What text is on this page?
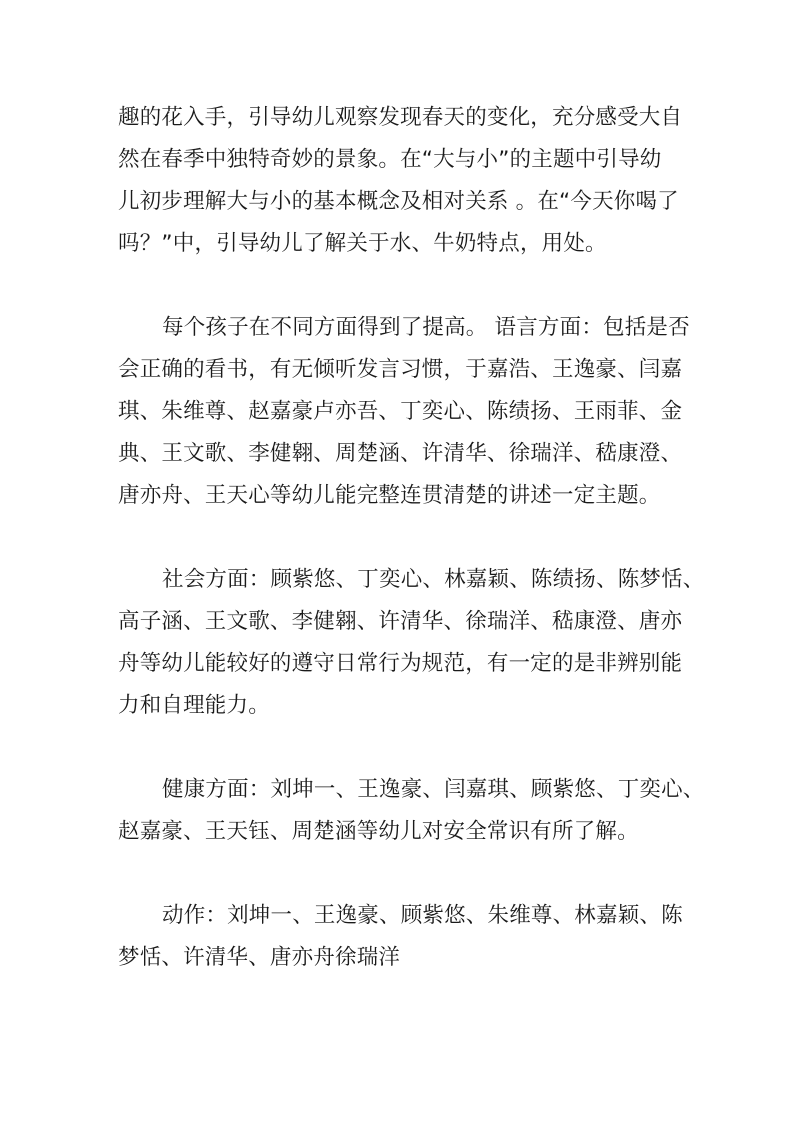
趣的花入手，引导幼儿观察发现春天的变化，充分感受大自
然在春季中独特奇妙的景象。在“大与小”的主题中引导幼
儿初步理解大与小的基本概念及相对关系 。在“今天你喝了
吗？”中，引导幼儿了解关于水、牛奶特点，用处。
每个孩子在不同方面得到了提高。 语言方面：包括是否
会正确的看书，有无倾听发言习惯，于嘉浩、王逸豪、闫嘉
琪、朱维尊、赵嘉豪卢亦吾、丁奕心、陈绩扬、王雨菲、金
典、王文歌、李健翱、周楚涵、许清华、徐瑞洋、嵇康澄、
唐亦舟、王天心等幼儿能完整连贯清楚的讲述一定主题。
社会方面：顾紫悠、丁奕心、林嘉颖、陈绩扬、陈梦恬、
高子涵、王文歌、李健翱、许清华、徐瑞洋、嵇康澄、唐亦
舟等幼儿能较好的遵守日常行为规范，有一定的是非辨别能
力和自理能力。
健康方面：刘坤一、王逸豪、闫嘉琪、顾紫悠、丁奕心、
赵嘉豪、王天钰、周楚涵等幼儿对安全常识有所了解。
动作：刘坤一、王逸豪、顾紫悠、朱维尊、林嘉颖、陈
梦恬、许清华、唐亦舟徐瑞洋
